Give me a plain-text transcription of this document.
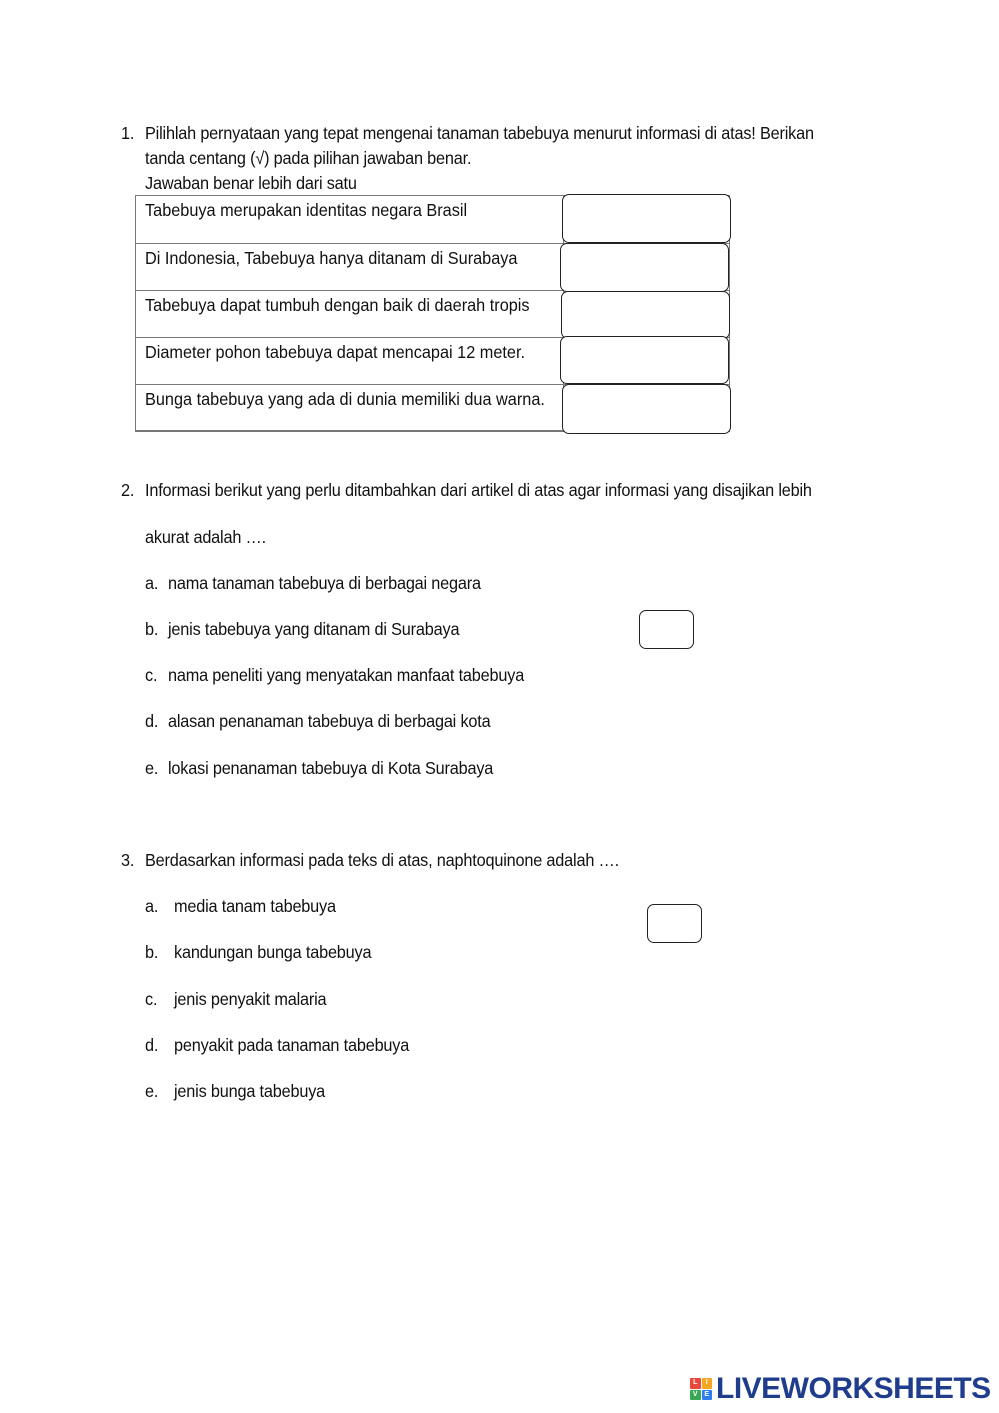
1. Pilihlah pernyataan yang tepat mengenai tanaman tabebuya menurut informasi di atas! Berikan
tanda centang (√) pada pilihan jawaban benar.
Jawaban benar lebih dari satu
Tabebuya merupakan identitas negara Brasil
Di Indonesia, Tabebuya hanya ditanam di Surabaya
Tabebuya dapat tumbuh dengan baik di daerah tropis
Diameter pohon tabebuya dapat mencapai 12 meter.
Bunga tabebuya yang ada di dunia memiliki dua warna.
2. Informasi berikut yang perlu ditambahkan dari artikel di atas agar informasi yang disajikan lebih
akurat adalah ….
a. nama tanaman tabebuya di berbagai negara
b. jenis tabebuya yang ditanam di Surabaya
c. nama peneliti yang menyatakan manfaat tabebuya
d. alasan penanaman tabebuya di berbagai kota
e. lokasi penanaman tabebuya di Kota Surabaya
3. Berdasarkan informasi pada teks di atas, naphtoquinone adalah ….
a. media tanam tabebuya
b. kandungan bunga tabebuya
c. jenis penyakit malaria
d. penyakit pada tanaman tabebuya
e. jenis bunga tabebuya
L	I
V E LIVEWORKSHEETS
